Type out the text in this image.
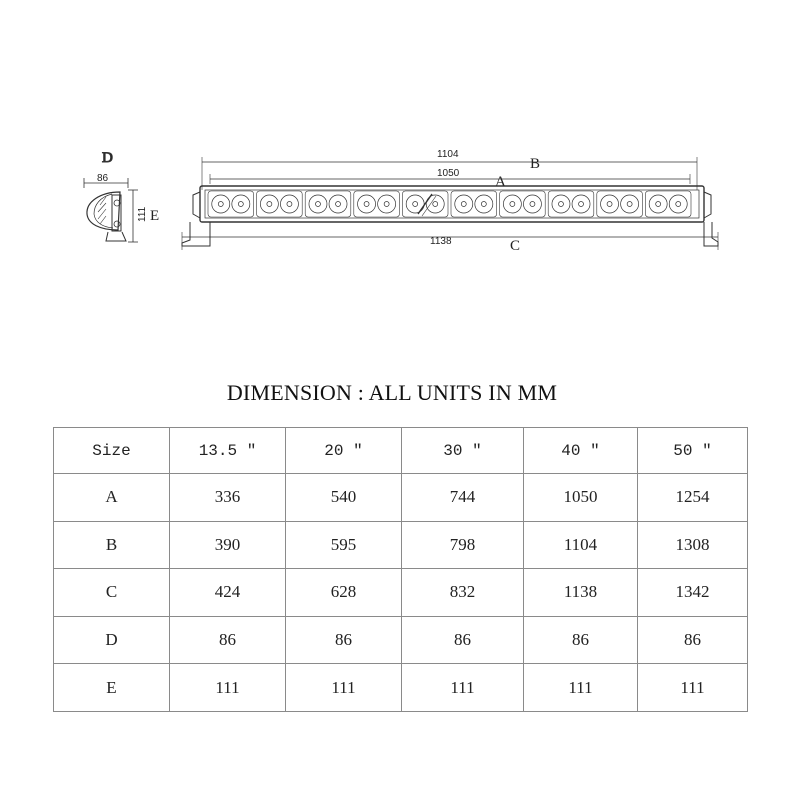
D
86
111 E
1104
B
1050
A
1138	C
DIMENSION : ALL UNITS IN MM
Size	13.5 "	20 "	30 "	40 "	50 "
A	336	540	744	1050	1254
B	390	595	798	1104	1308
C	424	628	832	1138	1342
D	86	86	86	86	86
E	111	111	111	111	111
